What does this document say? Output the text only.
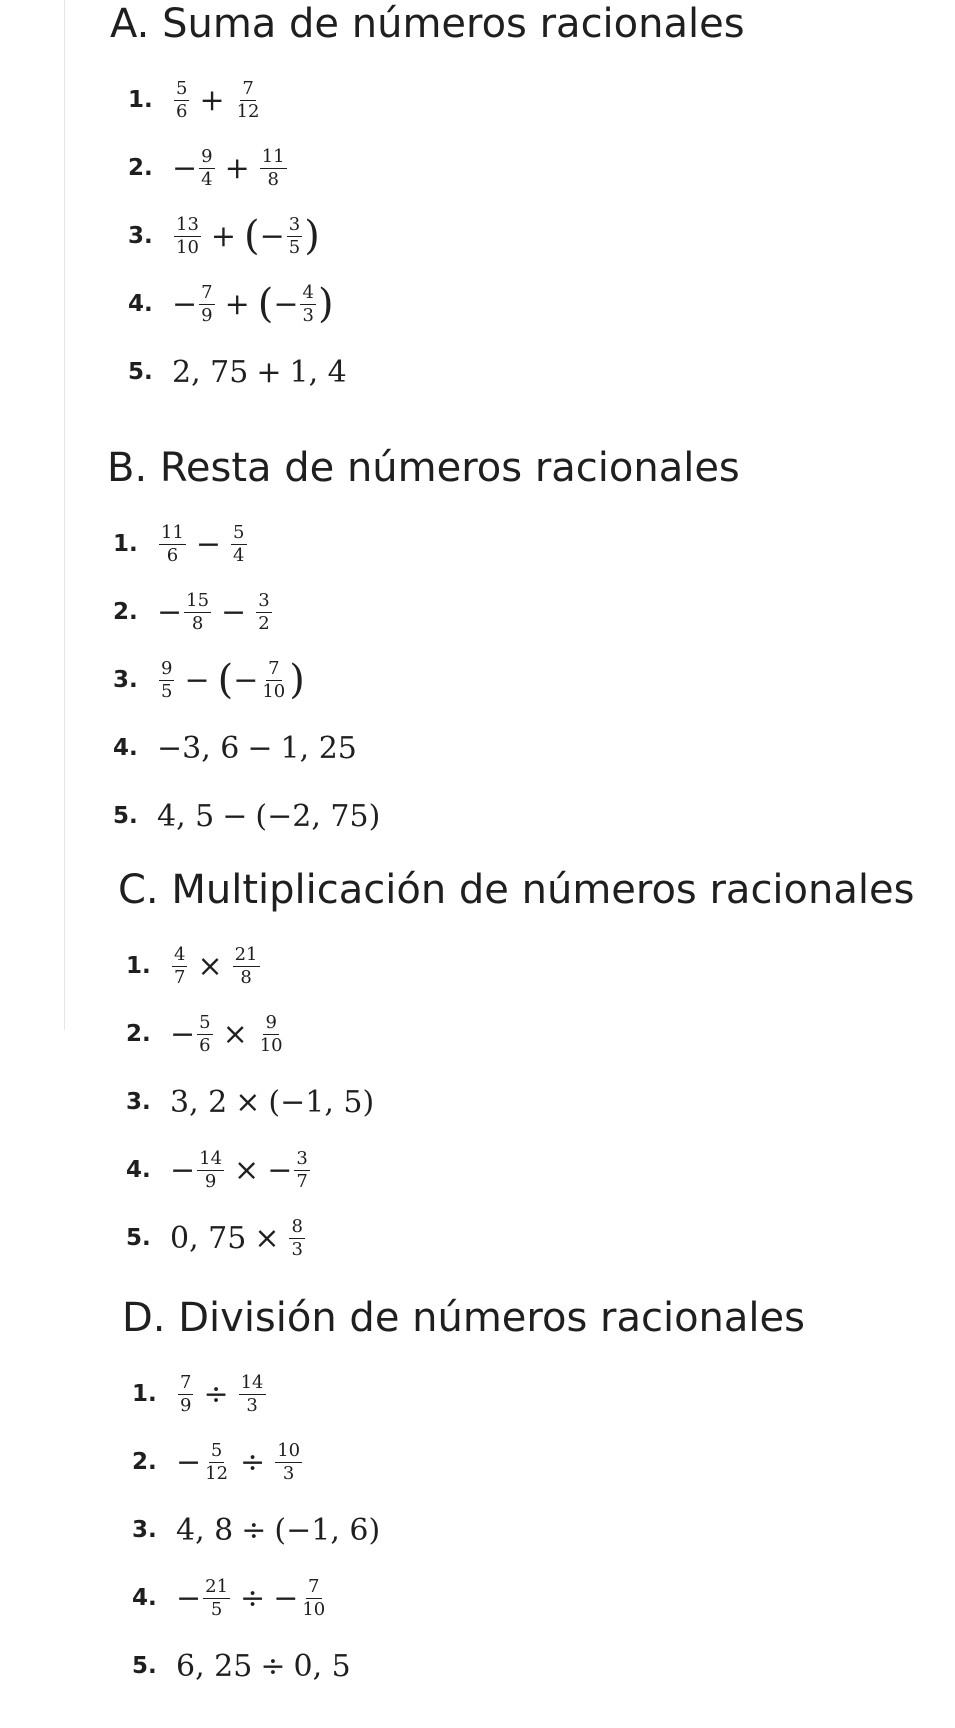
A. Suma de números racionales
1.	$\frac{5}{6} + \frac{7}{12}$
2. − $\frac{9}{4} + \frac{11}{8}$
3.	$\frac{13}{10}$ + ( − $\frac{3}{5}$ )
4. − $\frac{7}{9}$ + ( − $\frac{4}{3}$ )
5. 2, 75 + 1, 4
B. Resta de números racionales
1.	$\frac{11}{6} - \frac{5}{4}$
2. − $\frac{15}{8} - \frac{3}{2}$
3.	$\frac{9}{5}$ − ( − $\frac{7}{10}$ )
4. −3, 6 − 1, 25
5. 4, 5 − (−2, 75)
C. Multiplicación de números racionales
1.	$\frac{4}{7} \times \frac{21}{8}$
2. − $\frac{5}{6} \times \frac{9}{10}$
3. 3, 2 × (−1, 5)
4. − $\frac{14}{9}$ × − $\frac{3}{7}$
5. 0, $75 \times \frac{8}{3}$
D. División de números racionales
1.	$\frac{7}{9} \div \frac{14}{3}$
2. − $\frac{5}{12} \div \frac{10}{3}$
3. 4, 8 ÷ (−1, 6)
4. − $\frac{21}{5}$ ÷ − $\frac{7}{10}$
5. 6, 25 ÷ 0, 5
